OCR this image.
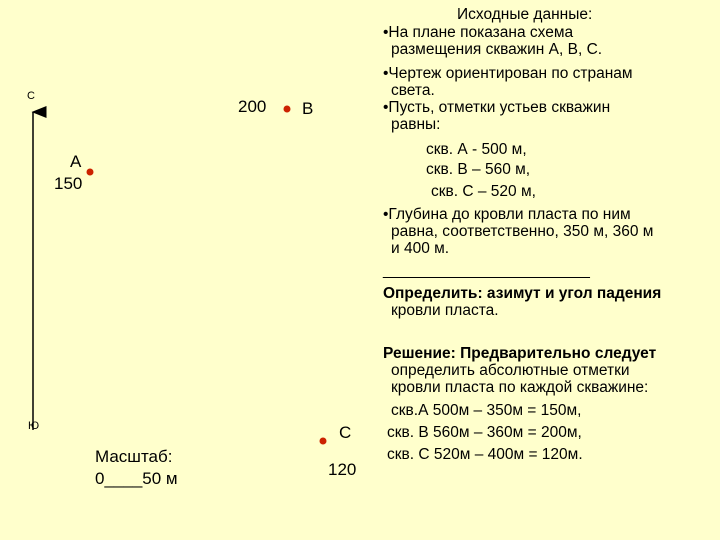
С
Ю
А
150
200 В
С
120
Масштаб:
0____50 м
Исходные данные:
•На плане показана схема
размещения скважин А, В, С.
•Чертеж ориентирован по странам
света.
•Пусть, отметки устьев скважин
равны:
скв. А - 500 м,
скв. В – 560 м,
скв. С – 520 м,
•Глубина до кровли пласта по ним
равна, соответственно, 350 м, 360 м
и 400 м.
________________________
Определить: азимут и угол падения
кровли пласта.
Решение: Предварительно следует
определить абсолютные отметки
кровли пласта по каждой скважине:
скв.А 500м – 350м = 150м,
скв. В 560м – 360м = 200м,
скв. С 520м – 400м = 120м.
